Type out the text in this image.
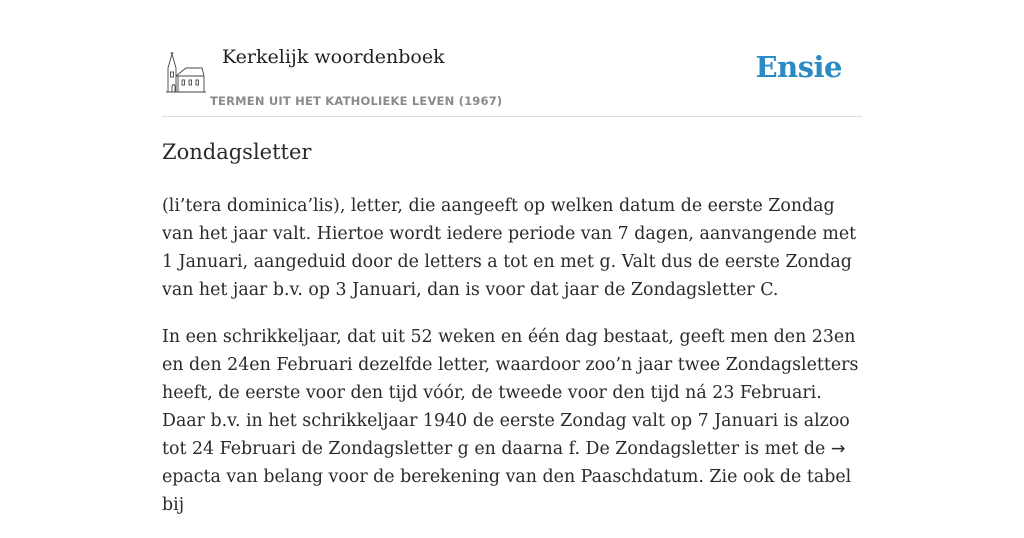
Kerkelijk woordenboek
TERMEN UIT HET KATHOLIEKE LEVEN (1967)
Ensie
Zondagsletter

(li’tera dominica’lis), letter, die aangeeft op welken datum de eerste Zondag van het jaar valt. Hiertoe wordt iedere periode van 7 dagen, aanvangende met 1 Januari, aangeduid door de letters a tot en met g. Valt dus de eerste Zondag van het jaar b.v. op 3 Januari, dan is voor dat jaar de Zondagsletter C.

In een schrikkeljaar, dat uit 52 weken en één dag bestaat, geeft men den 23en en den 24en Februari dezelfde letter, waardoor zoo’n jaar twee Zondagsletters heeft, de eerste voor den tijd vóór, de tweede voor den tijd ná 23 Februari. Daar b.v. in het schrikkeljaar 1940 de eerste Zondag valt op 7 Januari is alzoo tot 24 Februari de Zondagsletter g en daarna f. De Zondagsletter is met de → epacta van belang voor de berekening van den Paaschdatum. Zie ook de tabel bij
